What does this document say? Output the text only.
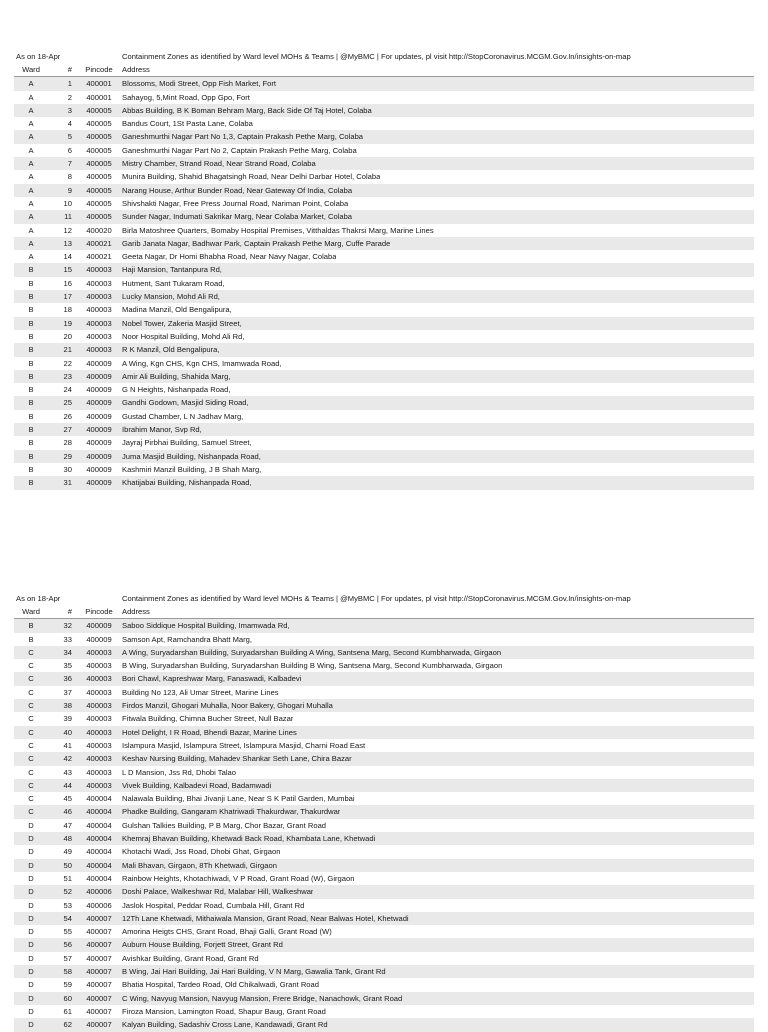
As on 18-Apr	Containment Zones as identified by Ward level MOHs & Teams | @MyBMC | For updates, pl visit http://StopCoronavirus.MCGM.Gov.In/insights-on-map
Ward	#	Pincode	Address
A	1	400001	Blossoms, Modi Street, Opp Fish Market, Fort
A	2	400001	Sahayog, 5,Mint Road, Opp Gpo, Fort
A	3	400005	Abbas Building, B K Boman Behram Marg, Back Side Of Taj Hotel, Colaba
A	4	400005	Bandus Court, 1St Pasta Lane, Colaba
A	5	400005	Ganeshmurthi Nagar Part No 1,3, Captain Prakash Pethe Marg, Colaba
A	6	400005	Ganeshmurthi Nagar Part No 2, Captain Prakash Pethe Marg, Colaba
A	7	400005	Mistry Chamber, Strand Road, Near Strand Road, Colaba
A	8	400005	Munira Building, Shahid Bhagatsingh Road, Near Delhi Darbar Hotel, Colaba
A	9	400005	Narang House, Arthur Bunder Road, Near Gateway Of India, Colaba
A	10	400005	Shivshakti Nagar, Free Press Journal Road, Nariman Point, Colaba
A	11	400005	Sunder Nagar, Indumati Sakrikar Marg, Near Colaba Market, Colaba
A	12	400020	Birla Matoshree Quarters, Bomaby Hospital Premises, Vitthaldas Thakrsi Marg, Marine Lines
A	13	400021	Garib Janata Nagar, Badhwar Park, Captain Prakash Pethe Marg, Cuffe Parade
A	14	400021	Geeta Nagar, Dr Homi Bhabha Road, Near Navy Nagar, Colaba
B	15	400003	Haji Mansion, Tantanpura Rd,
B	16	400003	Hutment, Sant Tukaram Road,
B	17	400003	Lucky Mansion, Mohd Ali Rd,
B	18	400003	Madina Manzil, Old Bengalipura,
B	19	400003	Nobel Tower, Zakeria Masjid Street,
B	20	400003	Noor Hospital Building, Mohd Ali Rd,
B	21	400003	R K Manzil, Old Bengalipura,
B	22	400009	A Wing, Kgn CHS, Kgn CHS, Imamwada Road,
B	23	400009	Amir Ali Building, Shahida Marg,
B	24	400009	G N Heights, Nishanpada Road,
B	25	400009	Gandhi Godown, Masjid Siding Road,
B	26	400009	Gustad Chamber, L N Jadhav Marg,
B	27	400009	Ibrahim Manor, Svp Rd,
B	28	400009	Jayraj Pirbhai Building, Samuel Street,
B	29	400009	Juma Masjid Building, Nishanpada Road,
B	30	400009	Kashmiri Manzil Building, J B Shah Marg,
B	31	400009	Khatijabai Building, Nishanpada Road,
As on 18-Apr	Containment Zones as identified by Ward level MOHs & Teams | @MyBMC | For updates, pl visit http://StopCoronavirus.MCGM.Gov.In/insights-on-map
Ward	#	Pincode	Address
B	32	400009	Saboo Siddique Hospital Building, Imamwada Rd,
B	33	400009	Samson Apt, Ramchandra Bhatt Marg,
C	34	400003	A Wing, Suryadarshan Building, Suryadarshan Building A Wing, Santsena Marg, Second Kumbharwada, Girgaon
C	35	400003	B Wing, Suryadarshan Building, Suryadarshan Building B Wing, Santsena Marg, Second Kumbharwada, Girgaon
C	36	400003	Bori Chawl, Kapreshwar Marg, Fanaswadi, Kalbadevi
C	37	400003	Building No 123, Ali Umar Street, Marine Lines
C	38	400003	Firdos Manzil, Ghogari Muhalla, Noor Bakery, Ghogari Muhalla
C	39	400003	Fitwala Building, Chimna Bucher Street, Null Bazar
C	40	400003	Hotel Delight, I R Road, Bhendi Bazar, Marine Lines
C	41	400003	Islampura Masjid, Islampura Street, Islampura Masjid, Charni Road East
C	42	400003	Keshav Nursing Building, Mahadev Shankar Seth Lane, Chira Bazar
C	43	400003	L D Mansion, Jss Rd, Dhobi Talao
C	44	400003	Vivek Building, Kalbadevi Road, Badamwadi
C	45	400004	Nalawala Building, Bhai Jivanji Lane, Near S K Patil Garden, Mumbai
C	46	400004	Phadke Building, Gangaram Khatriwadi Thakurdwar, Thakurdwar
D	47	400004	Gulshan Talkies Building, P B Marg, Chor Bazar, Grant Road
D	48	400004	Khemraj Bhavan Building, Khetwadi Back Road, Khambata Lane, Khetwadi
D	49	400004	Khotachi Wadi, Jss Road, Dhobi Ghat, Girgaon
D	50	400004	Mali Bhavan, Girgaon, 8Th Khetwadi, Girgaon
D	51	400004	Rainbow Heights, Khotachiwadi, V P Road, Grant Road (W), Girgaon
D	52	400006	Doshi Palace, Walkeshwar Rd, Malabar Hill, Walkeshwar
D	53	400006	Jaslok Hospital, Peddar Road, Cumbala Hill, Grant Rd
D	54	400007	12Th Lane Khetwadi, Mithaiwala Mansion, Grant Road, Near Balwas Hotel, Khetwadi
D	55	400007	Amorina Heigts CHS, Grant Road, Bhaji Galli, Grant Road (W)
D	56	400007	Auburn House Building, Forjett Street, Grant Rd
D	57	400007	Avishkar Building, Grant Road, Grant Rd
D	58	400007	B Wing, Jai Hari Building, Jai Hari Building, V N Marg, Gawalia Tank, Grant Rd
D	59	400007	Bhatia Hospital, Tardeo Road, Old Chikalwadi, Grant Road
D	60	400007	C Wing, Navyug Mansion, Navyug Mansion, Frere Bridge, Nanachowk, Grant Road
D	61	400007	Firoza Mansion, Lamington Road, Shapur Baug, Grant Road
D	62	400007	Kalyan Building, Sadashiv Cross Lane, Kandawadi, Grant Rd
